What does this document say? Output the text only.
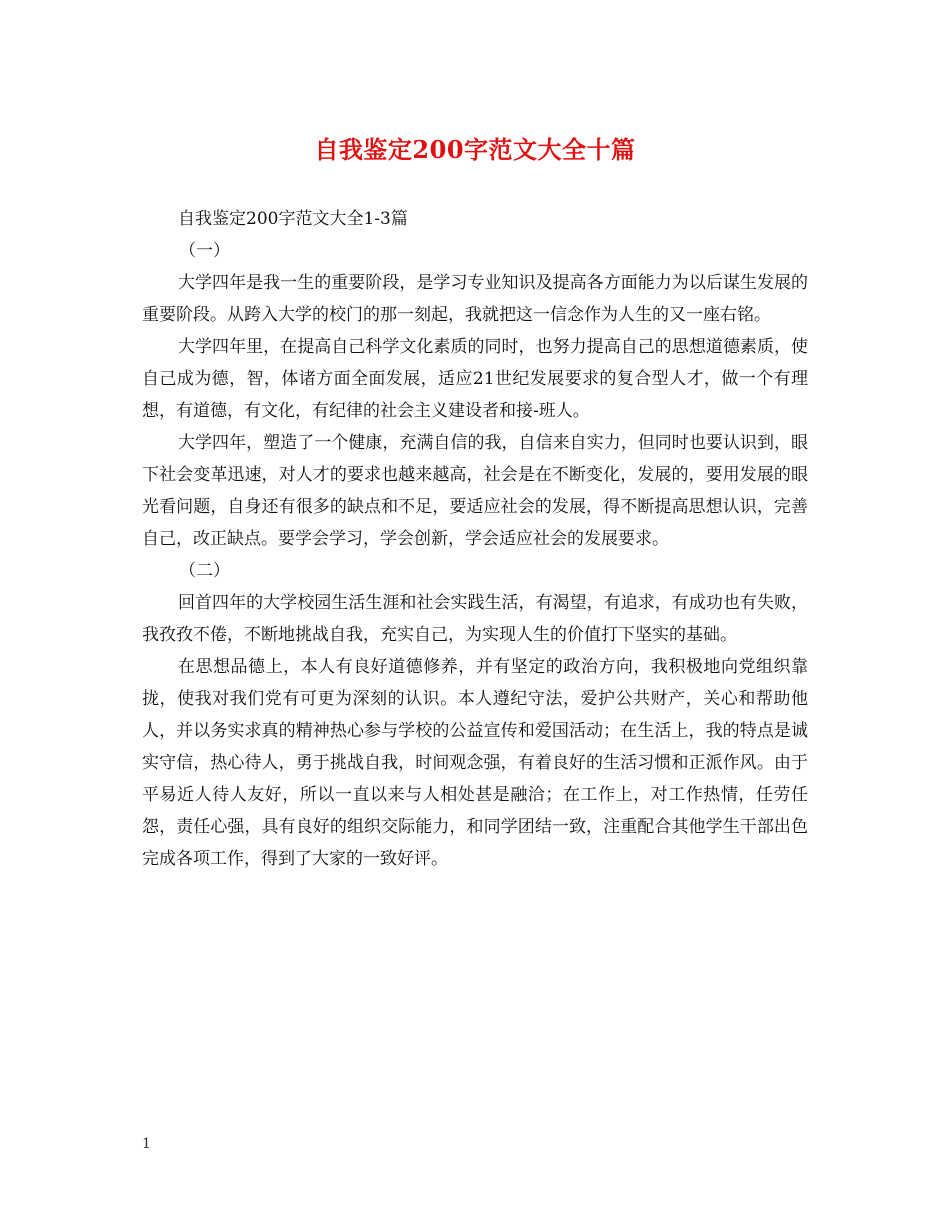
自我鉴定200字范文大全十篇

自我鉴定200字范文大全1-3篇

（一）

大学四年是我一生的重要阶段，是学习专业知识及提高各方面能力为以后谋生发展的重要阶段。从跨入大学的校门的那一刻起，我就把这一信念作为人生的又一座右铭。

大学四年里，在提高自己科学文化素质的同时，也努力提高自己的思想道德素质，使自己成为德，智，体诸方面全面发展，适应21世纪发展要求的复合型人才，做一个有理想，有道德，有文化，有纪律的社会主义建设者和接-班人。

大学四年，塑造了一个健康，充满自信的我，自信来自实力，但同时也要认识到，眼下社会变革迅速，对人才的要求也越来越高，社会是在不断变化，发展的，要用发展的眼光看问题，自身还有很多的缺点和不足，要适应社会的发展，得不断提高思想认识，完善自己，改正缺点。要学会学习，学会创新，学会适应社会的发展要求。

（二）

回首四年的大学校园生活生涯和社会实践生活，有渴望，有追求，有成功也有失败，我孜孜不倦，不断地挑战自我，充实自己，为实现人生的价值打下坚实的基础。

在思想品德上，本人有良好道德修养，并有坚定的政治方向，我积极地向党组织靠拢，使我对我们党有可更为深刻的认识。本人遵纪守法，爱护公共财产，关心和帮助他人，并以务实求真的精神热心参与学校的公益宣传和爱国活动；在生活上，我的特点是诚实守信，热心待人，勇于挑战自我，时间观念强，有着良好的生活习惯和正派作风。由于平易近人待人友好，所以一直以来与人相处甚是融洽；在工作上，对工作热情，任劳任怨，责任心强，具有良好的组织交际能力，和同学团结一致，注重配合其他学生干部出色完成各项工作，得到了大家的一致好评。

1
